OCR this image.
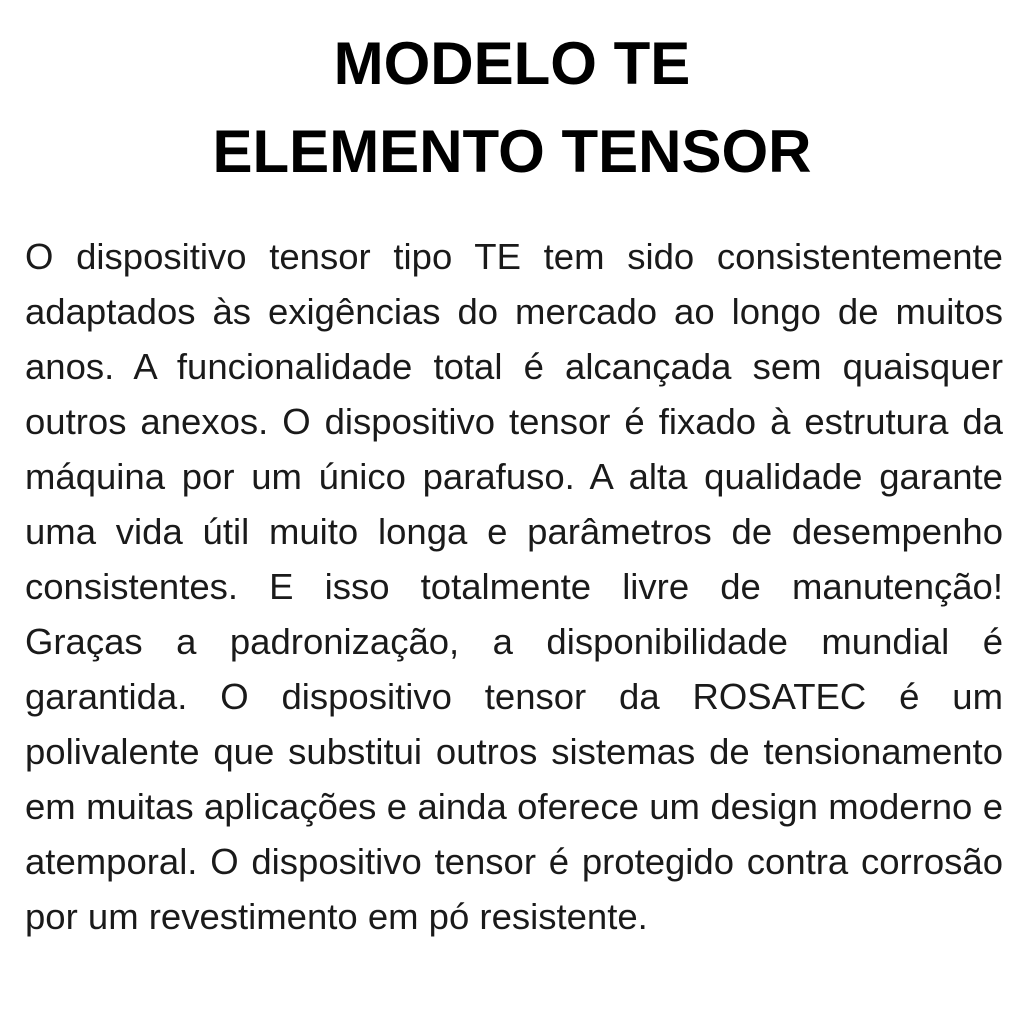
MODELO TE
ELEMENTO TENSOR

O dispositivo tensor tipo TE tem sido consistentemente adaptados às exigências do mercado ao longo de muitos anos. A funcionalidade total é alcançada sem quaisquer outros anexos. O dispositivo tensor é fixado à estrutura da máquina por um único parafuso. A alta qualidade garante uma vida útil muito longa e parâmetros de desempenho consistentes. E isso totalmente livre de manutenção! Graças a padronização, a disponibilidade mundial é garantida. O dispositivo tensor da ROSATEC é um polivalente que substitui outros sistemas de tensionamento em muitas aplicações e ainda oferece um design moderno e atemporal. O dispositivo tensor é protegido contra corrosão por um revestimento em pó resistente.
